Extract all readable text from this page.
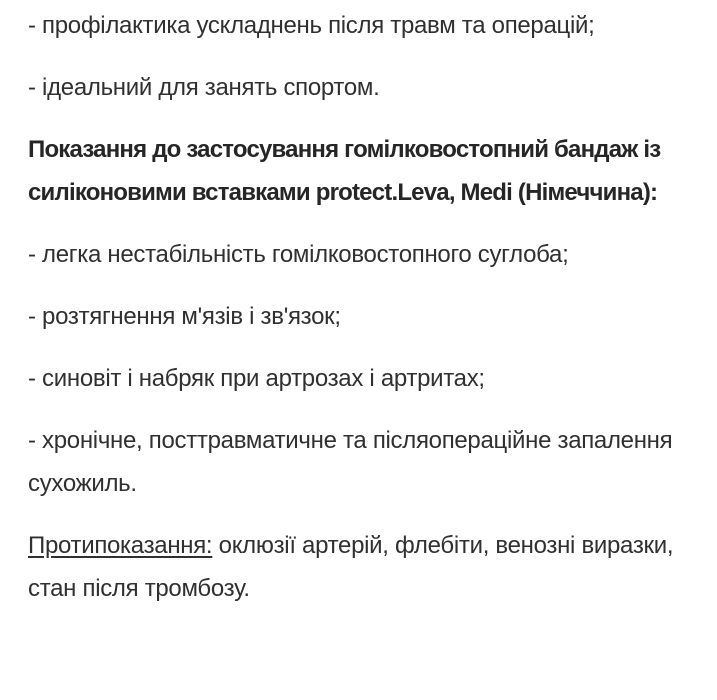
- профілактика ускладнень після травм та операцій;

- ідеальний для занять спортом.

Показання до застосування гомілковостопний бандаж із силіконовими вставками protect.Leva, Medi (Німеччина):

- легка нестабільність гомілковостопного суглоба;

- розтягнення м'язів і зв'язок;

- синовіт і набряк при артрозах і артритах;

- хронічне, посттравматичне та післяопераційне запалення сухожиль.

Протипоказання: оклюзії артерій, флебіти, венозні виразки, стан після тромбозу.
